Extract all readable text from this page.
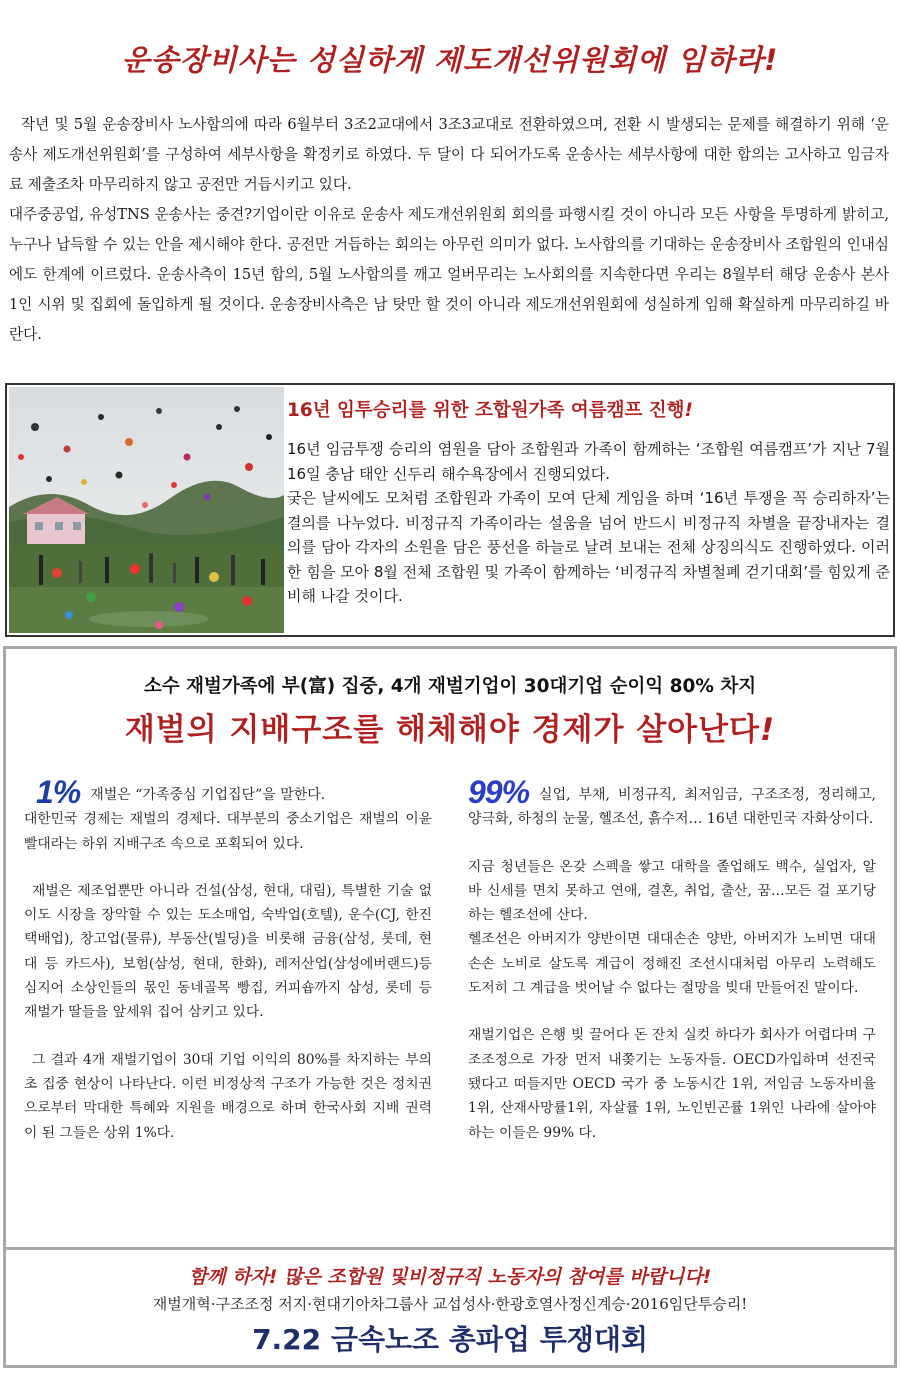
운송장비사는 성실하게 제도개선위원회에 임하라!

작년 및 5월 운송장비사 노사합의에 따라 6월부터 3조2교대에서 3조3교대로 전환하였으며, 전환 시 발생되는 문제를 해결하기 위해 ‘운송사 제도개선위원회’를 구성하여 세부사항을 확정키로 하였다. 두 달이 다 되어가도록 운송사는 세부사항에 대한 합의는 고사하고 임금자료 제출조차 마무리하지 않고 공전만 거듭시키고 있다.

대주중공업, 유성TNS 운송사는 중견?기업이란 이유로 운송사 제도개선위원회 회의를 파행시킬 것이 아니라 모든 사항을 투명하게 밝히고, 누구나 납득할 수 있는 안을 제시해야 한다. 공전만 거듭하는 회의는 아무런 의미가 없다. 노사합의를 기대하는 운송장비사 조합원의 인내심에도 한계에 이르렀다. 운송사측이 15년 합의, 5월 노사합의를 깨고 얼버무리는 노사회의를 지속한다면 우리는 8월부터 해당 운송사 본사 1인 시위 및 집회에 돌입하게 될 것이다. 운송장비사측은 남 탓만 할 것이 아니라 제도개선위원회에 성실하게 임해 확실하게 마무리하길 바란다.

16년 임투승리를 위한 조합원가족 여름캠프 진행!

16년 임금투쟁 승리의 염원을 담아 조합원과 가족이 함께하는 ‘조합원 여름캠프’가 지난 7월 16일 충남 태안 신두리 해수욕장에서 진행되었다.

궂은 날씨에도 모처럼 조합원과 가족이 모여 단체 게임을 하며 ‘16년 투쟁을 꼭 승리하자’는 결의를 나누었다. 비정규직 가족이라는 설움을 넘어 반드시 비정규직 차별을 끝장내자는 결의를 담아 각자의 소원을 담은 풍선을 하늘로 날려 보내는 전체 상징의식도 진행하였다. 이러한 힘을 모아 8월 전체 조합원 및 가족이 함께하는 ‘비정규직 차별철폐 걷기대회’를 힘있게 준비해 나갈 것이다.

소수 재벌가족에 부(富) 집중, 4개 재벌기업이 30대기업 순이익 80% 차지
재벌의 지배구조를 해체해야 경제가 살아난다!

1% 재벌은 “가족중심 기업집단”을 말한다.

대한민국 경제는 재벌의 경제다. 대부분의 중소기업은 재벌의 이윤 빨대라는 하위 지배구조 속으로 포획되어 있다.

재벌은 제조업뿐만 아니라 건설(삼성, 현대, 대림), 특별한 기술 없이도 시장을 장악할 수 있는 도소매업, 숙박업(호텔), 운수(CJ, 한진 택배업), 창고업(물류), 부동산(빌딩)을 비롯해 금융(삼성, 롯데, 현대 등 카드사), 보험(삼성, 현대, 한화), 레저산업(삼성에버랜드)등 심지어 소상인들의 몫인 동네골목 빵집, 커피숍까지 삼성, 롯데 등 재벌가 딸들을 앞세워 집어 삼키고 있다.

그 결과 4개 재벌기업이 30대 기업 이익의 80%를 차지하는 부의 초 집중 현상이 나타난다. 이런 비정상적 구조가 가능한 것은 정치권으로부터 막대한 특혜와 지원을 배경으로 하며 한국사회 지배 권력이 된 그들은 상위 1%다.

99% 실업, 부채, 비정규직, 최저임금, 구조조정, 정리해고, 양극화, 하청의 눈물, 헬조선, 흙수저… 16년 대한민국 자화상이다.

지금 청년들은 온갖 스펙을 쌓고 대학을 졸업해도 백수, 실업자, 알바 신세를 면치 못하고 연애, 결혼, 취업, 출산, 꿈…모든 걸 포기당하는 헬조선에 산다.

헬조선은 아버지가 양반이면 대대손손 양반, 아버지가 노비면 대대손손 노비로 살도록 계급이 정해진 조선시대처럼 아무리 노력해도 도저히 그 계급을 벗어날 수 없다는 절망을 빚대 만들어진 말이다.

재벌기업은 은행 빚 끌어다 돈 잔치 실컷 하다가 회사가 어렵다며 구조조정으로 가장 먼저 내쫒기는 노동자들. OECD가입하며 선진국 됐다고 떠들지만 OECD 국가 중 노동시간 1위, 저임금 노동자비율 1위, 산재사망률1위, 자살률 1위, 노인빈곤률 1위인 나라에 살아야 하는 이들은 99% 다.

함께 하자! 많은 조합원 및비정규직 노동자의 참여를 바랍니다!

재벌개혁·구조조정 저지·현대기아차그룹사 교섭성사·한광호열사정신계승·2016임단투승리!

7.22 금속노조 총파업 투쟁대회
